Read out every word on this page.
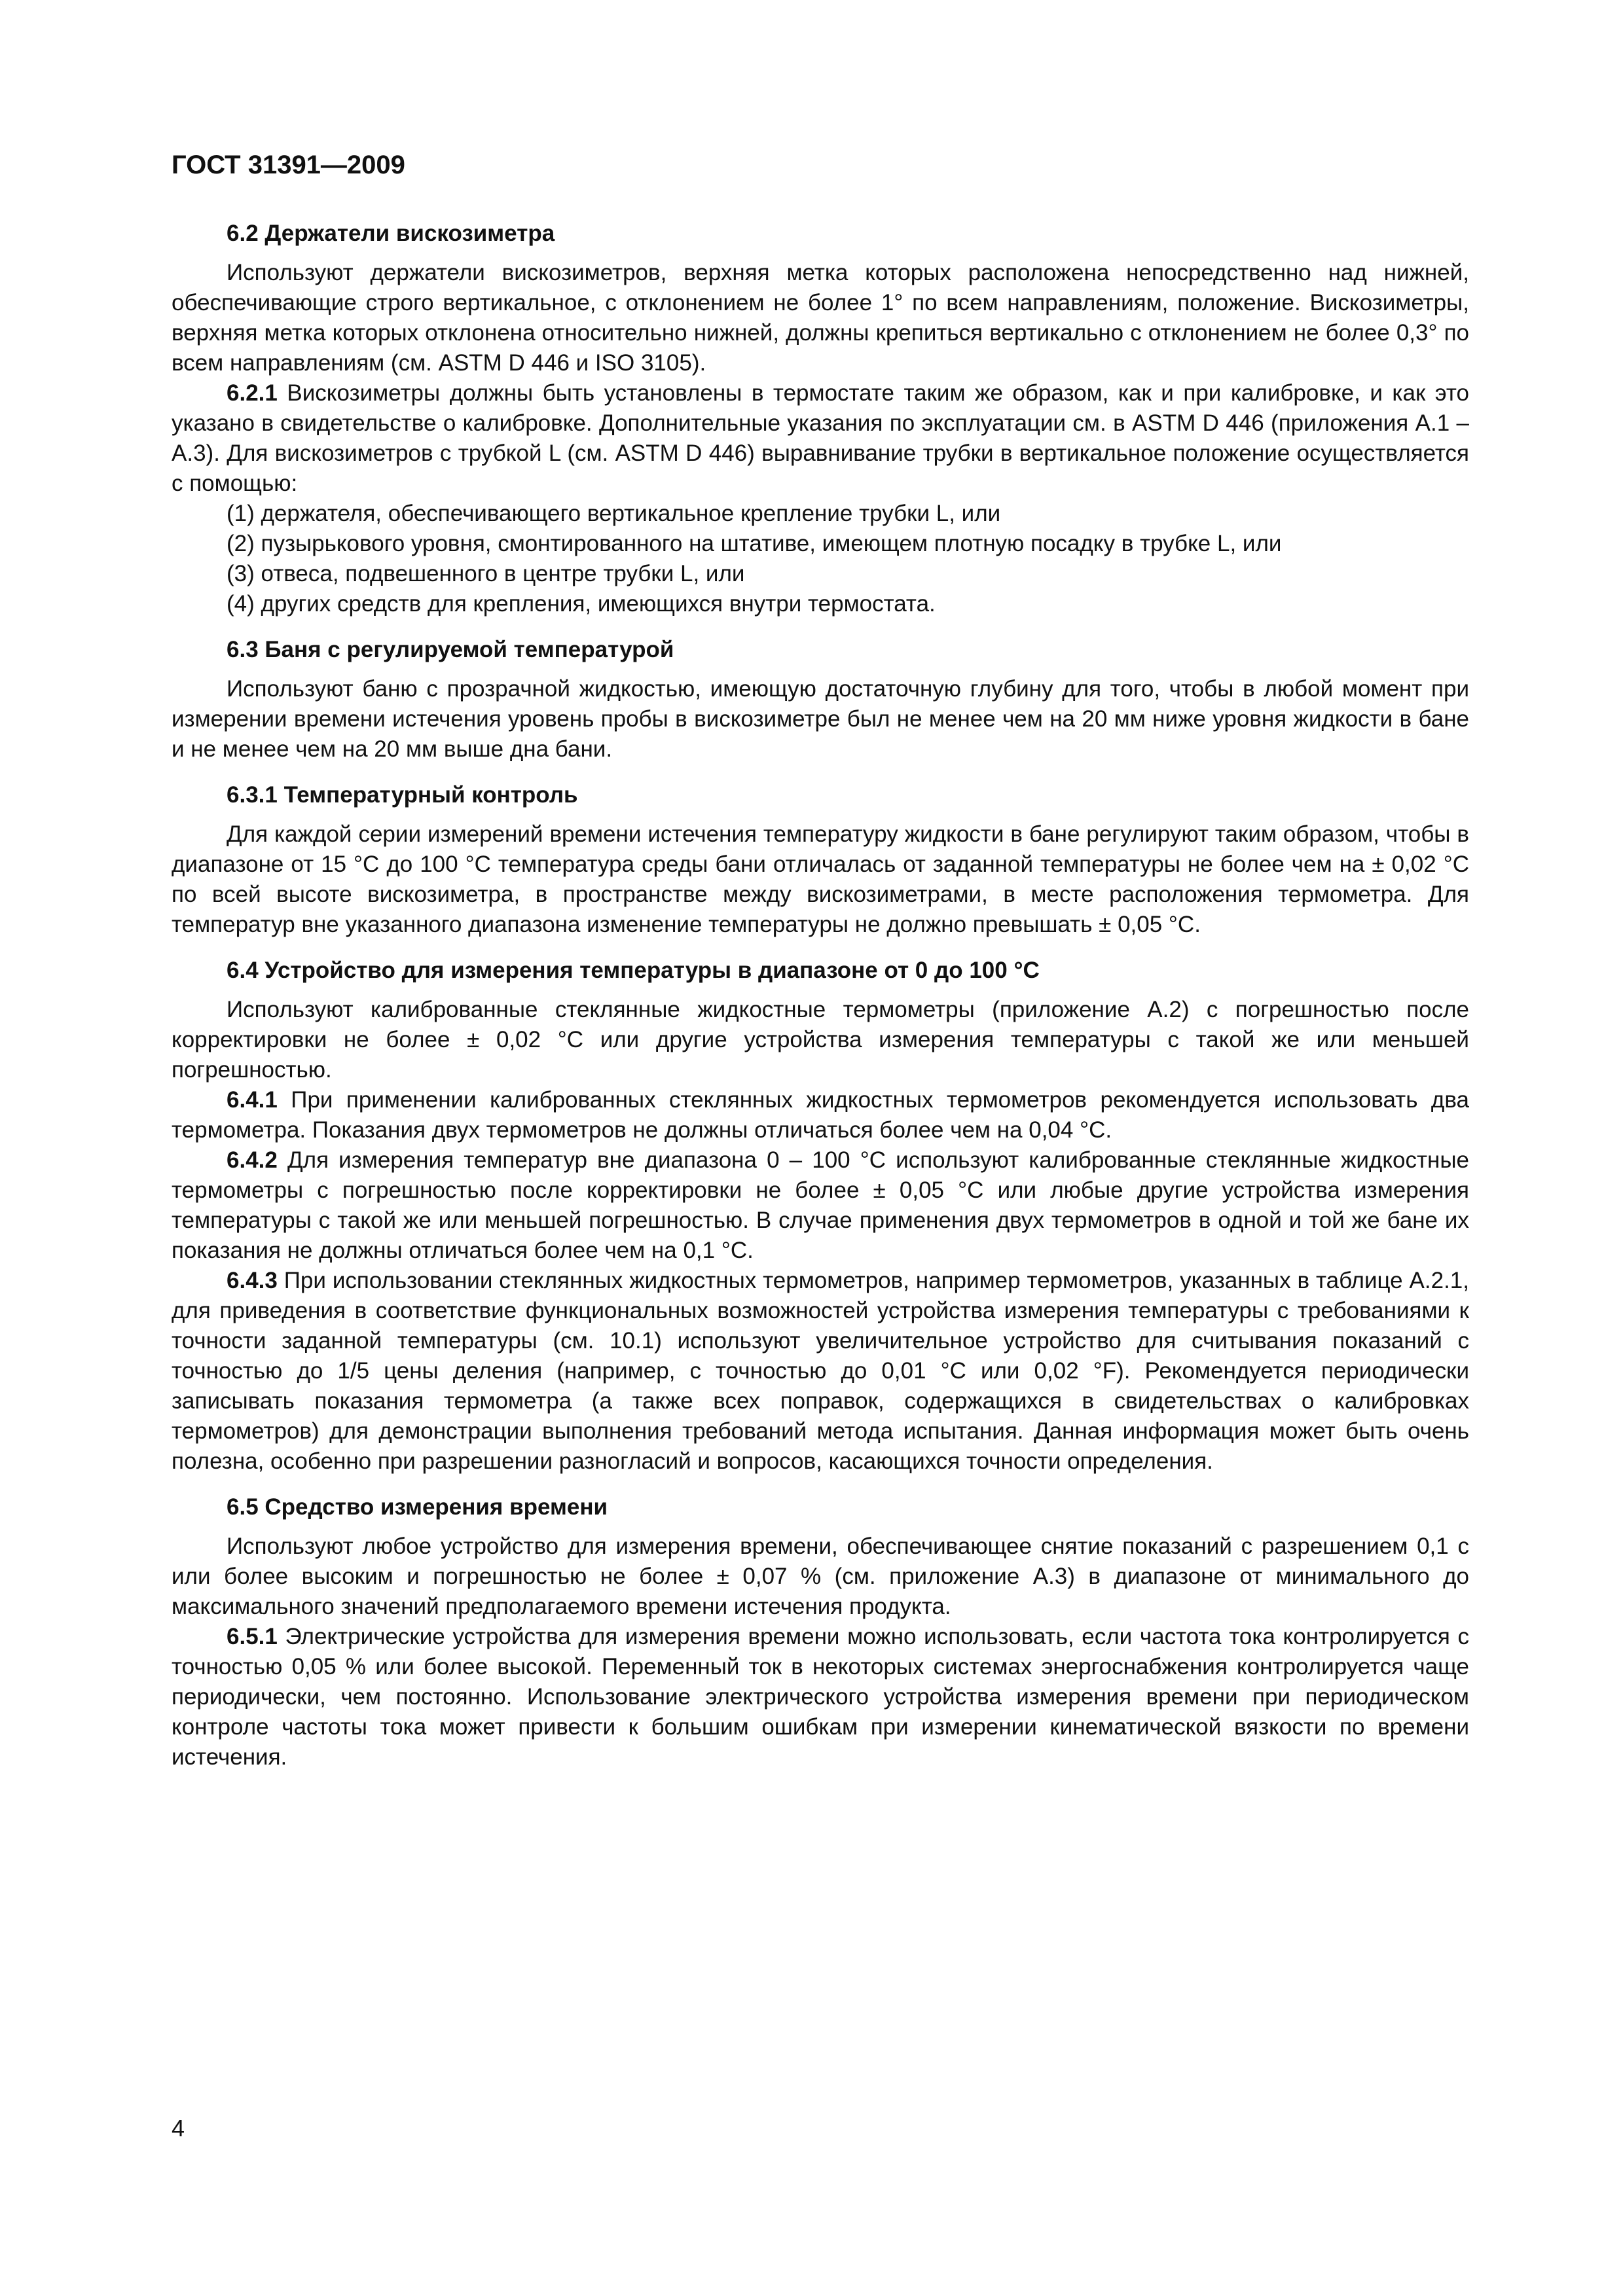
ГОСТ 31391—2009
6.2 Держатели вискозиметра

Используют держатели вискозиметров, верхняя метка которых расположена непосредственно над нижней, обеспечивающие строго вертикальное, с отклонением не более 1° по всем направлениям, положение. Вискозиметры, верхняя метка которых отклонена относительно нижней, должны крепиться вертикально с отклонением не более 0,3° по всем направлениям (см. ASTM D 446 и ISO 3105).

6.2.1 Вискозиметры должны быть установлены в термостате таким же образом, как и при калибровке, и как это указано в свидетельстве о калибровке. Дополнительные указания по эксплуатации см. в ASTM D 446 (приложения А.1 – А.3). Для вискозиметров с трубкой L (см. ASTM D 446) выравнивание трубки в вертикальное положение осуществляется с помощью:

(1) держателя, обеспечивающего вертикальное крепление трубки L, или
(2) пузырькового уровня, смонтированного на штативе, имеющем плотную посадку в трубке L, или
(3) отвеса, подвешенного в центре трубки L, или
(4) других средств для крепления, имеющихся внутри термостата.
6.3 Баня с регулируемой температурой

Используют баню с прозрачной жидкостью, имеющую достаточную глубину для того, чтобы в любой момент при измерении времени истечения уровень пробы в вискозиметре был не менее чем на 20 мм ниже уровня жидкости в бане и не менее чем на 20 мм выше дна бани.

6.3.1 Температурный контроль

Для каждой серии измерений времени истечения температуру жидкости в бане регулируют таким образом, чтобы в диапазоне от 15 °С до 100 °С температура среды бани отличалась от заданной температуры не более чем на ± 0,02 °С по всей высоте вискозиметра, в пространстве между вискозиметрами, в месте расположения термометра. Для температур вне указанного диапазона изменение температуры не должно превышать ± 0,05 °С.

6.4 Устройство для измерения температуры в диапазоне от 0 до 100 °С

Используют калиброванные стеклянные жидкостные термометры (приложение А.2) с погрешностью после корректировки не более ± 0,02 °С или другие устройства измерения температуры с такой же или меньшей погрешностью.

6.4.1 При применении калиброванных стеклянных жидкостных термометров рекомендуется использовать два термометра. Показания двух термометров не должны отличаться более чем на 0,04 °С.

6.4.2 Для измерения температур вне диапазона 0 – 100 °С используют калиброванные стеклянные жидкостные термометры с погрешностью после корректировки не более ± 0,05 °С или любые другие устройства измерения температуры с такой же или меньшей погрешностью. В случае применения двух термометров в одной и той же бане их показания не должны отличаться более чем на 0,1 °С.

6.4.3 При использовании стеклянных жидкостных термометров, например термометров, указанных в таблице А.2.1, для приведения в соответствие функциональных возможностей устройства измерения температуры с требованиями к точности заданной температуры (см. 10.1) используют увеличительное устройство для считывания показаний с точностью до 1/5 цены деления (например, с точностью до 0,01 °С или 0,02 °F). Рекомендуется периодически записывать показания термометра (а также всех поправок, содержащихся в свидетельствах о калибровках термометров) для демонстрации выполнения требований метода испытания. Данная информация может быть очень полезна, особенно при разрешении разногласий и вопросов, касающихся точности определения.

6.5 Средство измерения времени

Используют любое устройство для измерения времени, обеспечивающее снятие показаний с разрешением 0,1 с или более высоким и погрешностью не более ± 0,07 % (см. приложение А.3) в диапазоне от минимального до максимального значений предполагаемого времени истечения продукта.

6.5.1 Электрические устройства для измерения времени можно использовать, если частота тока контролируется с точностью 0,05 % или более высокой. Переменный ток в некоторых системах энергоснабжения контролируется чаще периодически, чем постоянно. Использование электрического устройства измерения времени при периодическом контроле частоты тока может привести к большим ошибкам при измерении кинематической вязкости по времени истечения.

4
